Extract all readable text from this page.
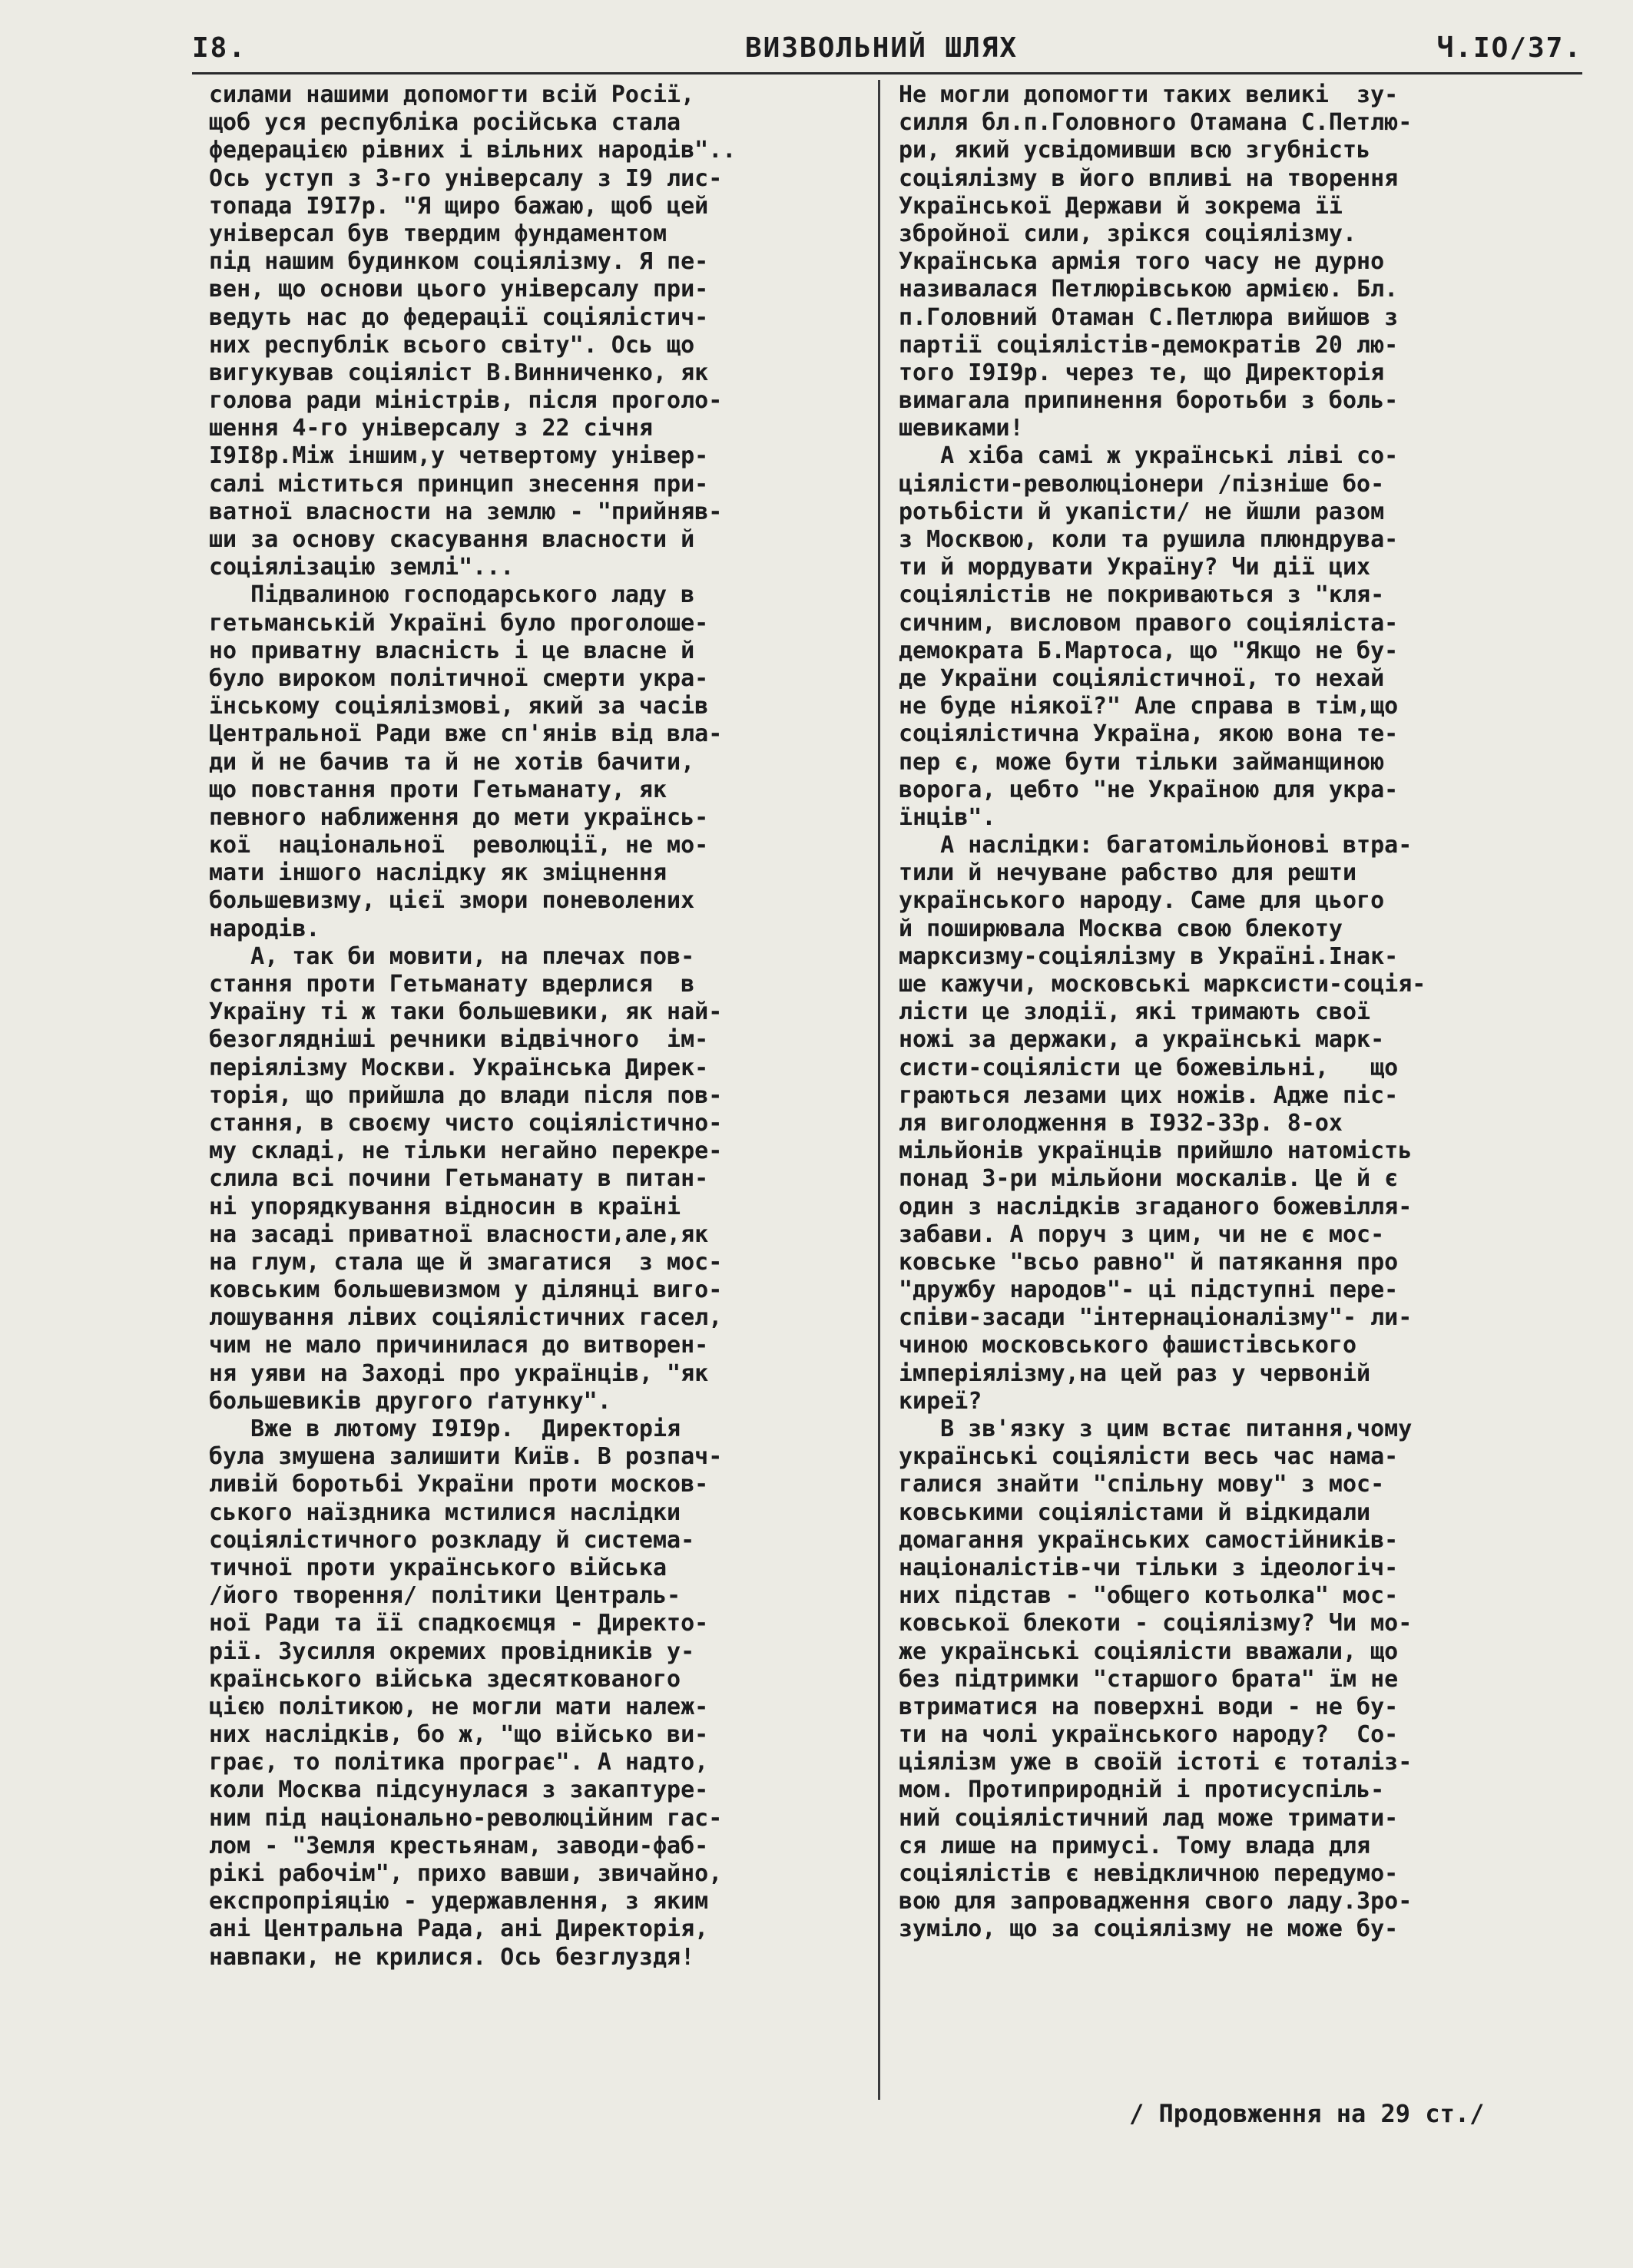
I8.	ВИЗВОЛЬНИЙ ШЛЯХ	Ч.IO/37.
силами нашими допомогти всій Росії,
щоб уся республіка російська стала
федерацією рівних і вільних народів"..
Ось уступ з 3-го універсалу з I9 лис-
топада I9I7р. "Я щиро бажаю, щоб цей
універсал був твердим фундаментом
під нашим будинком соціялізму. Я пе-
вен, що основи цього універсалу при-
ведуть нас до федерації соціялістич-
них республік всього світу". Ось що
вигукував соціяліст В.Винниченко, як
голова ради міністрів, після проголо-
шення 4-го універсалу з 22 січня
I9I8р.Між іншим,у четвертому універ-
салі міститься принцип знесення при-
ватної власности на землю - "прийняв-
ши за основу скасування власности й
соціялізацію землі"...
Підвалиною господарського ладу в
гетьманській Україні було проголоше-
но приватну власність і це власне й
було вироком політичної смерти укра-
їнському соціялізмові, який за часів
Центральної Ради вже сп'янів від вла-
ди й не бачив та й не хотів бачити,
що повстання проти Гетьманату, як
певного наближення до мети українсь-
кої  національної  революції, не мо-
мати іншого наслідку як зміцнення
большевизму, цієї змори поневолених
народів.
А, так би мовити, на плечах пов-
стання проти Гетьманату вдерлися  в
Україну ті ж таки большевики, як най-
безоглядніші речники відвічного  ім-
періялізму Москви. Українська Дирек-
торія, що прийшла до влади після пов-
стання, в своєму чисто соціялістично-
му складі, не тільки негайно перекре-
слила всі почини Гетьманату в питан-
ні упорядкування відносин в країні
на засаді приватної власности,але,як
на глум, стала ще й змагатися  з мос-
ковським большевизмом у ділянці виго-
лошування лівих соціялістичних гасел,
чим не мало причинилася до витворен-
ня уяви на Заході про українців, "як
большевиків другого ґатунку".
Вже в лютому I9I9р.  Директорія
була змушена залишити Київ. В розпач-
ливій боротьбі України проти москов-
ського наїздника мстилися наслідки
соціялістичного розкладу й системa-
тичної проти українського війська
/його творення/ політики Централь-
ної Ради та її спадкоємця - Директо-
рії. Зусилля окремих провідників у-
країнського війська здесяткованого
цією політикою, не могли мати належ-
них наслідків, бо ж, "що військо ви-
грає, то політика програє". А надто,
коли Москва підсунулася з закаптуре-
ним під національно-революційним гас-
лом - "Земля крестьянам, заводи-фаб-
рікі рабочім", прихо вавши, звичайно,
експропріяцію - удержавлення, з яким
ані Центральна Рада, ані Директорія,
навпаки, не крилися. Ось безглуздя!
Не могли допомогти таких великі  зу-
силля бл.п.Головного Отамана С.Петлю-
ри, який усвідомивши всю згубність
соціялізму в його впливі на творення
Української Держави й зокрема її
збройної сили, зрікся соціялізму.
Українська армія того часу не дурно
називалася Петлюрівською армією. Бл.
п.Головний Отаман С.Петлюра вийшов з
партії соціялістів-демократів 20 лю-
того I9I9р. через те, що Директорія
вимагала припинення боротьби з боль-
шевиками!
А хіба самі ж українські ліві со-
ціялісти-революціонери /пізніше бо-
ротьбісти й укапісти/ не йшли разом
з Москвою, коли та рушила плюндрува-
ти й мордувати Україну? Чи дії цих
соціялістів не покриваються з "кля-
сичним, висловом правого соціяліста-
демократа Б.Мартоса, що "Якщо не бу-
де України соціялістичної, то нехай
не буде ніякої?" Але справа в тім,що
соціялістична Україна, якою вона те-
пер є, може бути тільки займанщиною
ворога, цебто "не Україною для укра-
їнців".
А наслідки: багатомільйонові втра-
тили й нечуване рабство для решти
українського народу. Саме для цього
й поширювала Москва свою блекоту
марксизму-соціялізму в Україні.Інак-
ше кажучи, московські марксисти-соція-
лісти це злодії, які тримають свої
ножі за держаки, а українські марк-
систи-соціялісти це божевільні,   що
граються лезами цих ножів. Адже піс-
ля виголодження в I932-33р. 8-ох
мільйонів українців прийшло натомість
понад 3-ри мільйони москалів. Це й є
один з наслідків згаданого божевілля-
забави. А поруч з цим, чи не є мос-
ковське "всьо равно" й патякання про
"дружбу народов"- ці підступні пере-
співи-засади "інтернаціоналізму"- ли-
чиною московського фашистівського
імперіялізму,на цей раз у червоній
киреї?
В зв'язку з цим встає питання,чому
українські соціялісти весь час нама-
галися знайти "спільну мову" з мос-
ковськими соціялістами й відкидали
домагання українських самостійників-
націоналістів-чи тільки з ідеологіч-
них підстав - "общего котьолка" мос-
ковської блекоти - соціялізму? Чи мо-
же українські соціялісти вважали, що
без підтримки "старшого брата" їм не
втриматися на поверхні води - не бу-
ти на чолі українського народу?  Со-
ціялізм уже в своїй істоті є тоталіз-
мом. Протиприродній і протисуспіль-
ний соціялістичний лад може тримати-
ся лише на примусі. Тому влада для
соціялістів є невідкличною передумо-
вою для запровадження свого ладу.Зро-
зуміло, що за соціялізму не може бу-
/ Продовження на 29 ст./
